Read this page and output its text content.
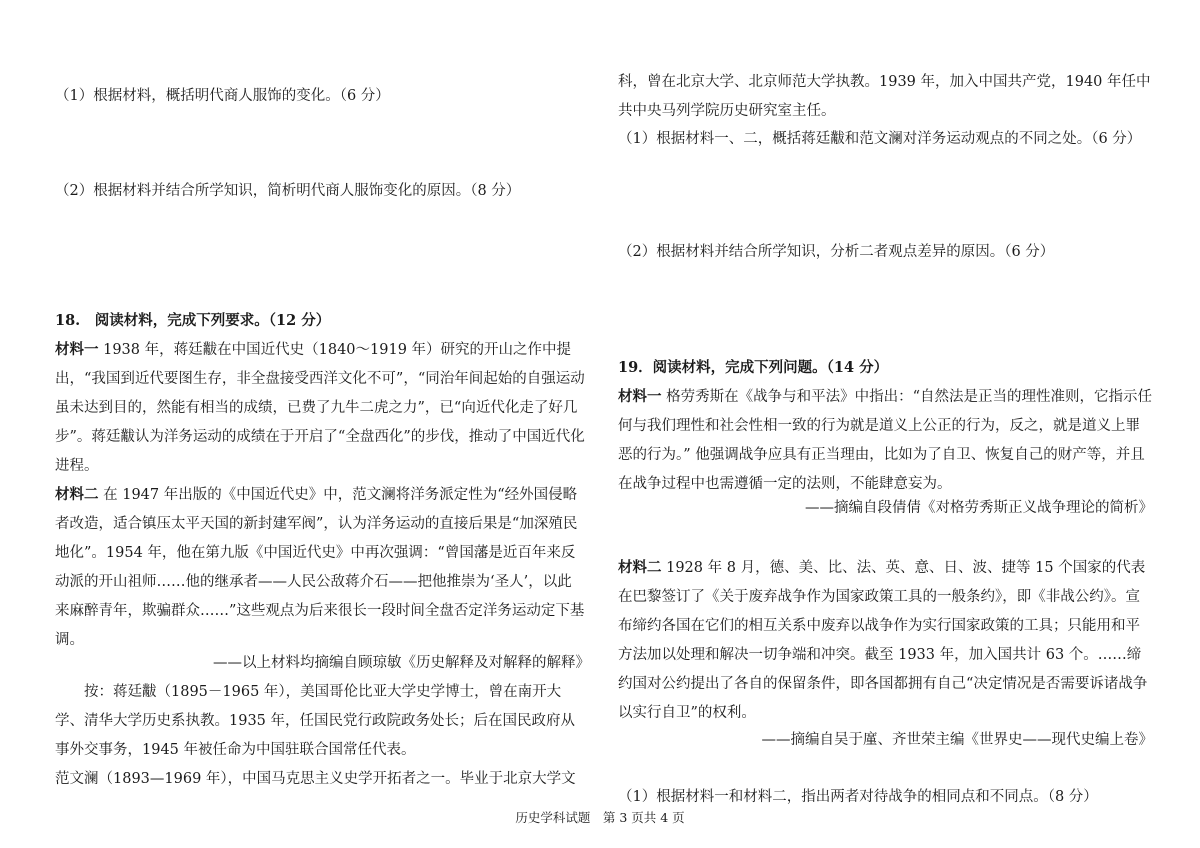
（1）根据材料，概括明代商人服饰的变化。（6 分）
（2）根据材料并结合所学知识，简析明代商人服饰变化的原因。（8 分）
18.　阅读材料，完成下列要求。（12 分）
材料一 1938 年，蒋廷黻在中国近代史（1840～1919 年）研究的开山之作中提出，“我国到近代要图生存，非全盘接受西洋文化不可”，“同治年间起始的自强运动虽未达到目的，然能有相当的成绩，已费了九牛二虎之力”，已“向近代化走了好几步”。蒋廷黻认为洋务运动的成绩在于开启了“全盘西化”的步伐，推动了中国近代化进程。
材料二 在 1947 年出版的《中国近代史》中，范文澜将洋务派定性为“经外国侵略者改造，适合镇压太平天国的新封建军阀”，认为洋务运动的直接后果是“加深殖民地化”。1954 年，他在第九版《中国近代史》中再次强调：“曾国藩是近百年来反动派的开山祖师……他的继承者——人民公敌蒋介石——把他推崇为‘圣人’，以此来麻醉青年，欺骗群众……”这些观点为后来很长一段时间全盘否定洋务运动定下基调。
——以上材料均摘编自顾琼敏《历史解释及对解释的解释》
按：蒋廷黻（1895－1965 年），美国哥伦比亚大学史学博士，曾在南开大学、清华大学历史系执教。1935 年，任国民党行政院政务处长；后在国民政府从事外交事务，1945 年被任命为中国驻联合国常任代表。
范文澜（1893—1969 年），中国马克思主义史学开拓者之一。毕业于北京大学文
科，曾在北京大学、北京师范大学执教。1939 年，加入中国共产党，1940 年任中共中央马列学院历史研究室主任。
（1）根据材料一、二，概括蒋廷黻和范文澜对洋务运动观点的不同之处。（6 分）
（2）根据材料并结合所学知识，分析二者观点差异的原因。（6 分）
19．阅读材料，完成下列问题。（14 分）
材料一 格劳秀斯在《战争与和平法》中指出：“自然法是正当的理性准则，它指示任何与我们理性和社会性相一致的行为就是道义上公正的行为，反之，就是道义上罪恶的行为。” 他强调战争应具有正当理由，比如为了自卫、恢复自己的财产等，并且在战争过程中也需遵循一定的法则，不能肆意妄为。
——摘编自段倩倩《对格劳秀斯正义战争理论的简析》
材料二 1928 年 8 月，德、美、比、法、英、意、日、波、捷等 15 个国家的代表在巴黎签订了《关于废弃战争作为国家政策工具的一般条约》，即《非战公约》。宣布缔约各国在它们的相互关系中废弃以战争作为实行国家政策的工具；只能用和平方法加以处理和解决一切争端和冲突。截至 1933 年，加入国共计 63 个。……缔约国对公约提出了各自的保留条件，即各国都拥有自己“决定情况是否需要诉诸战争以实行自卫”的权利。
——摘编自吴于廑、齐世荣主编《世界史——现代史编上卷》
（1）根据材料一和材料二，指出两者对待战争的相同点和不同点。（8 分）
历史学科试题　第 3 页共 4 页
